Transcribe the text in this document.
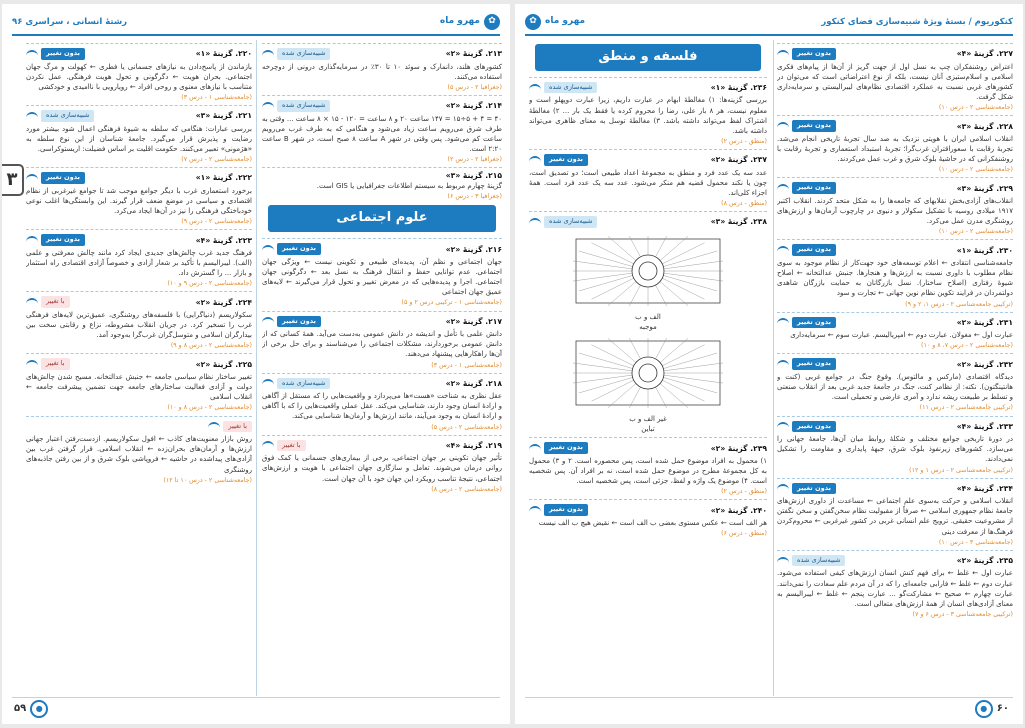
✿
مهرو ماه
رشتهٔ انسانی ، سراسری ۹۶
۳
۲۱۳. گزینهٔ «۲»
شبیه‌سازی شده
کشورهای هلند، دانمارک و سوئد ۱۰ تا ۳۰٪ در سرمایه‌گذاری درونی از دوچرخه استفاده می‌کنند.
(جغرافیا ۲ - درس ۵)
۲۱۴. گزینهٔ «۲»
شبیه‌سازی شده
۴۰ = ۴ + ۵÷۱۵ = ۱۴۷ ساعت ۲۰ و ۸ ساعت = ۱۲۰ - ۱۵ × ۸ ساعت ... وقتی به طرف شرق می‌رویم ساعت زیاد می‌شود و هنگامی که به طرف غرب می‌رویم ساعت کم می‌شود. پس وقتی در شهر A ساعت ۸ صبح است، در شهر B ساعت ۲:۲۰ است.
(جغرافیا ۲ - درس ۲)
۲۱۵. گزینهٔ «۳»
گزینهٔ چهارم مربوط به سیستم اطلاعات جغرافیایی یا GIS است.
(جغرافیا ۳ - درس ۶)
علوم اجتماعی
۲۱۶. گزینهٔ «۲»
بدون تغییر
جهان اجتماعی و نظم آن، پدیده‌ای طبیعی و تکوینی نیست ← ویژگی جهان اجتماعی. عدم توانایی حفظ و انتقال فرهنگ به نسل بعد ← دگرگونی جهان اجتماعی. اجرا و پدیده‌هایی که در معرض تغییر و تحول قرار می‌گیرند ← لایه‌های عمیق جهان اجتماعی
(جامعه‌شناسی ۱ - ترکیبی درس ۲ و ۵)
۲۱۷. گزینهٔ «۲»
بدون تغییر
دانش علمی با تأمل و اندیشه در دانش عمومی به‌دست می‌آید. همهٔ کسانی که از دانش عمومی برخوردارند، مشکلات اجتماعی را می‌شناسند و برای حل برخی از آن‌ها راهکارهایی پیشنهاد می‌دهند.
(جامعه‌شناسی ۱ - درس ۳)
۲۱۸. گزینهٔ «۲»
شبیه‌سازی شده
عقل نظری به شناخت «هست»ها می‌پردازد و واقعیت‌هایی را که مستقل از آگاهی و ارادهٔ انسان وجود دارند، شناسایی می‌کند. عقل عملی واقعیت‌هایی را که با آگاهی و ارادهٔ انسان به وجود می‌آیند، مانند ارزش‌ها و آرمان‌ها شناسایی می‌کند.
(جامعه‌شناسی ۲ - درس ۵)
۲۱۹. گزینهٔ «۴»
با تغییر
تأثیر جهان تکوینی بر جهان اجتماعی، برخی از بیماری‌های جسمانی یا کمک فوق روانی درمان می‌شوند. تعامل و سازگاری جهان اجتماعی با هویت و ارزش‌های اجتماعی، نتیجهٔ تناسب رویکرد این جهان خود با آن جهان است.
(جامعه‌شناسی ۲ - درس ۸)
۲۲۰. گزینهٔ «۱»
بدون تغییر
بازماندن از پاسخ‌دادن به نیازهای جسمانی یا فطری ← کهولت و مرگ جهان اجتماعی. بحران هویت ← دگرگونی و تحول هویت فرهنگی. عمل نکردن متناسب با نیازهای معنوی و روحی افراد ← رویارویی با ناامیدی و خودکشی
(جامعه‌شناسی ۱ - درس ۳)
۲۲۱. گزینهٔ «۳»
شبیه‌سازی شده
بررسی عبارات: هنگامی که سلطه به شیوهٔ فرهنگی اعمال شود بیشتر مورد رضایت و پذیرش قرار می‌گیرد. جامعهٔ شناسان از این نوع سلطه به «هژمونی» تعبیر می‌کنند. حکومت اقلیت بر اساس فضیلت: اریستوکراسی.
(جامعه‌شناسی ۲ - درس ۷)
۲۲۲. گزینهٔ «۱»
بدون تغییر
برخورد استعماری غرب با دیگر جوامع موجب شد تا جوامع غیرغربی از نظام اقتصادی و سیاسی در موضع ضعف قرار گیرند. این وابستگی‌ها اغلب نوعی خودباختگی فرهنگی را نیز در آن‌ها ایجاد می‌کرد.
(جامعه‌شناسی ۲ - درس ۹)
۲۲۳. گزینهٔ «۴»
بدون تغییر
فرهنگ جدید غرب چالش‌های جدیدی ایجاد کرد مانند چالش معرفتی و علمی (الف). لیبرالیسم با تأکید بر شعار آزادی و خصوصاً آزادی اقتصادی راه استثمار و بازار ... را گسترش داد.
(جامعه‌شناسی ۲ - درس ۹ و ۱۰)
۲۲۴. گزینهٔ «۲»
با تغییر
سکولاریسم (دنیاگرایی) با فلسفه‌های روشنگری، عمیق‌ترین لایه‌های فرهنگی غرب را تسخیر کرد. در جریان انقلاب مشروطه، نزاع و رقابتی سخت بین بیدارگران اسلامی و متوسل‌گران غرب‌گرا به‌وجود آمد.
(جامعه‌شناسی ۲ - درس ۸ و ۹)
۲۲۵. گزینهٔ «۲»
با تغییر
تغییر ساختار نظام سیاسی جامعه ← جنبش عدالتخانه. مسیح شدن چالش‌های دولت و آزادی فعالیت ساختارهای جامعه جهت تضمین پیشرفت جامعه ← انقلاب اسلامی
(جامعه‌شناسی ۲ - درس ۸ و ۱۰)
با تغییر
روش بازار معنویت‌های کاذب ← افول سکولاریسم. ازدست‌رفتن اعتبار جهانی ارزش‌ها و آرمان‌های بحران‌زده ← انقلاب اسلامی. قرار گرفتن غرب بین آزادی‌های پیدا‌شده در حاشیه ← فروپاشی بلوک شرق و از بین رفتن جاذبه‌های روشنگری
(جامعه‌شناسی ۲ - درس ۱۰ تا ۱۲)
●
۵۹
کنکوریوم / بستهٔ ویژهٔ شبیه‌سازی فضای کنکور
مهرو ماه
✿
۲۲۷. گزینهٔ «۴»
بدون تغییر
اعتراض روشنفکران چپ به نسل اول از جهت گریز از آن‌ها از پیام‌های فکری اسلامی و اسلام‌ستیزی آنان نیست، بلکه از نوع اعتراضاتی است که می‌توان در کشورهای غربی نسبت به عملکرد اقتصادی نظام‌های لیبرالیستی و سرمایه‌داری شکل گرفت.
(جامعه‌شناسی ۲ - درس ۱۰)
۲۲۸. گزینهٔ «۳»
بدون تغییر
انقلاب اسلامی ایران با هویتی نزدیک به صد سال تجربهٔ تاریخی انجام می‌شد. تجربهٔ رقابت با سعوراقتران غرب‌گرا؛ تجربهٔ استبداد استعماری و تجربهٔ رقابت با روشنفکرانی که در حاشیهٔ بلوک شرق و غرب عمل می‌کردند.
(جامعه‌شناسی ۲ - درس ۱۰)
۲۲۹. گزینهٔ «۳»
بدون تغییر
انقلاب‌های آزادی‌بخش نقلابهای که جامعه‌ها را به شکل متحد کردند. انقلاب اکتبر ۱۹۱۷ میلادی روسیه با تشکیل سکولار و دنیوی در چارچوب آرمان‌ها و ارزش‌های روشنگری مدرن عمل می‌کرد.
(جامعه‌شناسی ۲ - درس ۱۰)
۲۳۰. گزینهٔ «۱»
بدون تغییر
جامعه‌شناسی انتقادی ← اعلام توسعه‌های خود جهت‌کار از نظام موجود به سوی نظام مطلوب با داوری نسبت به ارزش‌ها و هنجارها. جنبش عدالتخانه ← اصلاح شیوهٔ رفتاری (اصلاح ساختار). نسل بازرگانان به حمایت بازرگان شاهدی دولتمردان در فرایند تکوین نظام نوین جهانی ← تجارت و سود
(ترکیبی جامعه‌شناسی ۲ - درس ۱، ۲ و ۹)
۲۳۱. گزینهٔ «۲»
بدون تغییر
عبارت اول ← مغولان. عبارت دوم ← امپریالیسم. عبارت سوم ← سرمایه‌داری
(جامعه‌شناسی ۲ - درس ۷، ۸ و ۱۰)
۲۳۲. گزینهٔ «۲»
بدون تغییر
دیدگاه اقتصادی (مارکس و مالتوس). وقوع جنگ در جوامع غربی (کنت و هانتینگتون). نکته: از نظامر کنت، جنگ در جامعهٔ جدید غربی بعد از انقلاب صنعتی و تسلط بر طبیعت ریشه ندارد و آمری عارضی و تحمیلی است.
(ترکیبی جامعه‌شناسی ۲ - درس ۱۱)
۲۳۳. گزینهٔ «۴»
بدون تغییر
در دورهٔ تاریخی جوامع مختلف و شکلهٔ روابط میان آن‌ها، جامعهٔ جهانی را می‌سازد. کشورهای زیرنفوذ بلوک شرق، جبههٔ پایداری و مقاومت را تشکیل نمی‌دادند.
(ترکیبی جامعه‌شناسی ۲ - درس ۱ و ۱۲)
۲۳۴. گزینهٔ «۴»
بدون تغییر
انقلاب اسلامی و حرکت به‌سوی علم اجتماعی ← مساعدت از داوری ارزش‌های جامعهٔ نظام جمهوری اسلامی ← صرفاً از مقبولیت نظام سخن‌گفتن و سخن نگفتن از مشروعیت حقیقی. ترویج علم انسانی غربی در کشور غیرغربی ← محروم‌کردن فرهنگ‌ها از معرفت دینی
(جامعه‌شناسی ۳ - درس ۱۰)
۲۳۵. گزینهٔ «۲»
شبیه‌سازی شده
عبارت اول ← غلط ← برای فهم کنش انسان ارزش‌های کیفی استفاده می‌شود. عبارت دوم ← غلط ← فارابی جامعه‌ای را که در آن مردم علم سعادت را نمی‌دانند. عبارت چهارم ← صحیح ← مشارکت‌گو ... عبارت پنجم ← غلط ← لیبرالیسم به معنای آزادی‌های انسان از همهٔ ارزش‌های متعالی است.
(ترکیبی جامعه‌شناسی ۳ - درس ۶ و ۷)
فلسفه و منطق
۲۳۶. گزینهٔ «۱»
شبیه‌سازی شده
بررسی گزینه‌ها: ۱) مغالطهٔ ابهام در عبارت داریم، زیرا عبارت دوپهلو است و معلوم نیست، هر ۸ بار علی، رضا را محروم کرده یا فقط یک بار ... ۲) مغالطهٔ اشتراک لفظ می‌تواند داشته باشد. ۳) مغالطهٔ توسل به معنای ظاهری می‌تواند داشته باشد.
(منطق - درس ۲)
۲۳۷. گزینهٔ «۲»
بدون تغییر
عدد سه یک عدد فرد و منطق به مجموعهٔ اعداد طبیعی است؛ دو تصدیق است، چون یا نکند محمول قضیه هم منکر می‌شود. عدد سه یک عدد فرد است. همهٔ اجزاء کلی‌اند.
(منطق - درس ۸)
۲۳۸. گزینهٔ «۳»
شبیه‌سازی شده
الف و ب
موجبه
غیر الف و ب
تباین
۲۳۹. گزینهٔ «۲»
بدون تغییر
۱) محمول به افراد موضوع حمل شده است، پس محصوره است. ۲ و ۳) محمول به کل مجموعهٔ مطرح در موضوع حمل شده است، نه بر افراد آن. پس شخصیه است. ۴) موضوع یک واژه و لفظ، جزئی است، پس شخصیه است.
(منطق - درس ۲)
۲۴۰. گزینهٔ «۲»
بدون تغییر
هر الف است ← عکس مستوی بعضی ب الف است ← نقیض هیچ ب الف نیست
(منطق - درس ۶)
۶۰
●
